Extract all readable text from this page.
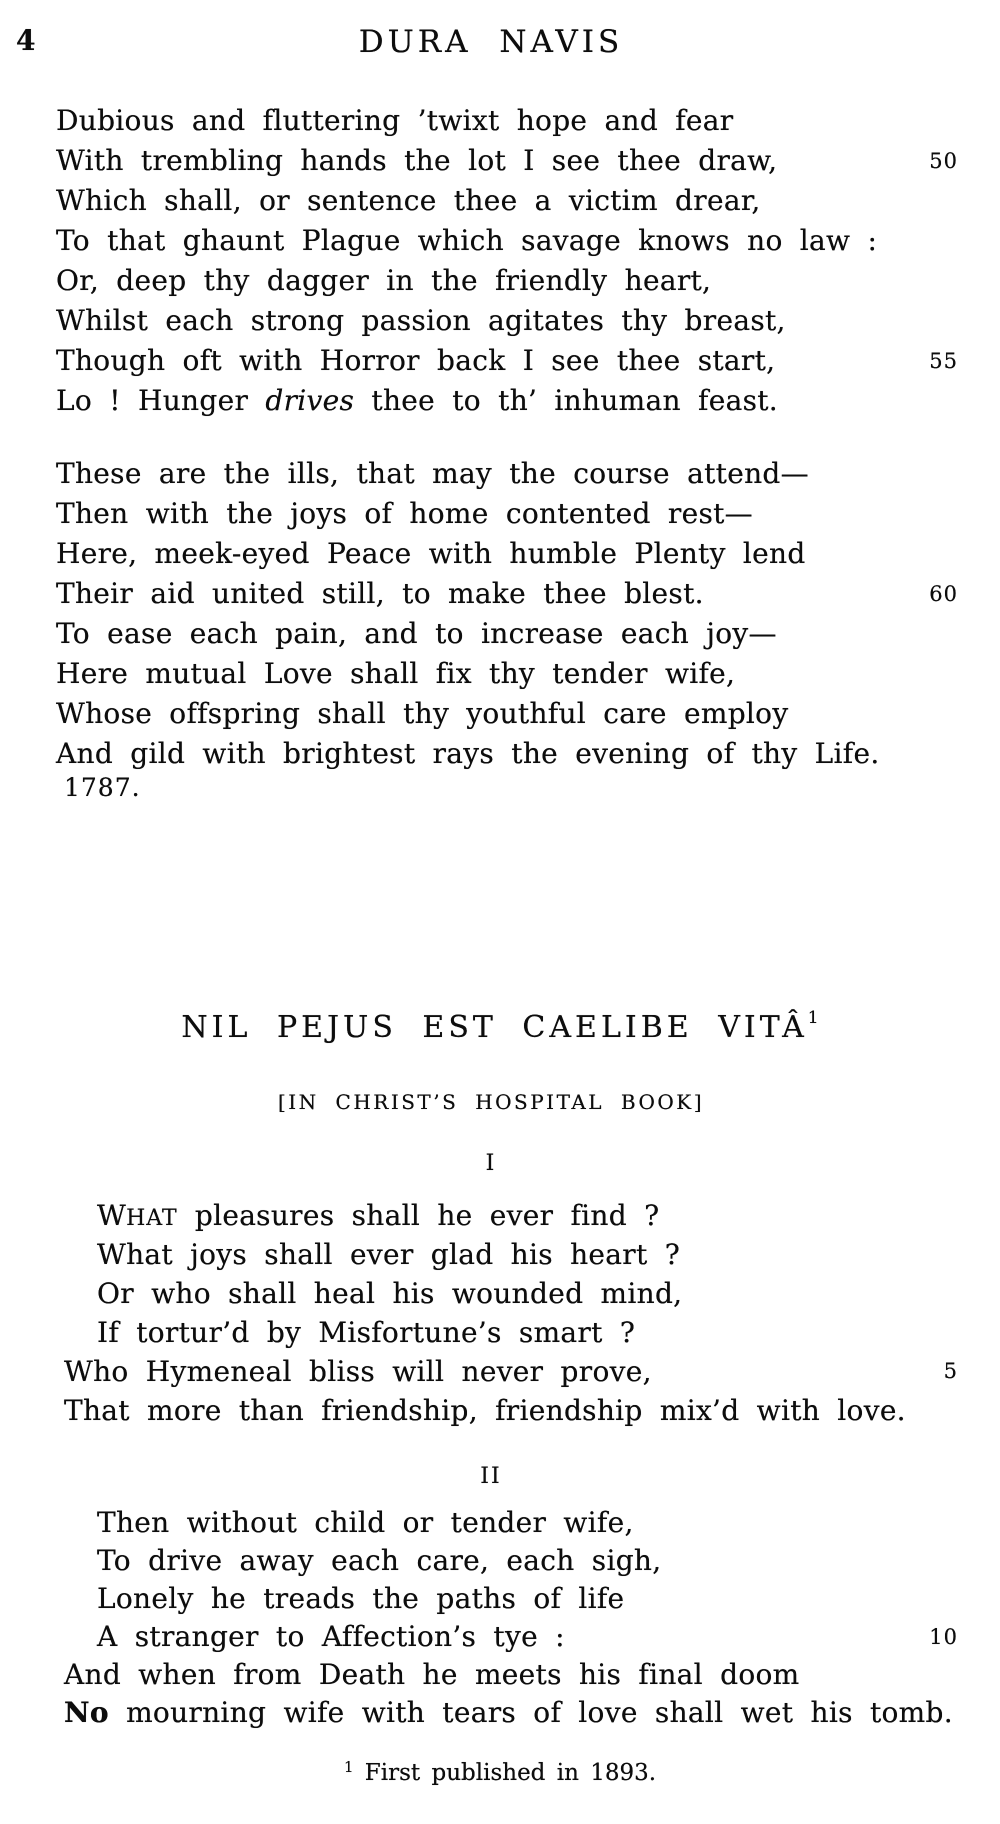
4	DURA NAVIS
Dubious and fluttering ’twixt hope and fear
With trembling hands the lot I see thee draw,	50
Which shall, or sentence thee a victim drear,
To that ghaunt Plague which savage knows no law :
Or, deep thy dagger in the friendly heart,
Whilst each strong passion agitates thy breast,
Though oft with Horror back I see thee start,	55
Lo ! Hunger drives thee to th’ inhuman feast.
These are the ills, that may the course attend—
Then with the joys of home contented rest—
Here, meek-eyed Peace with humble Plenty lend
Their aid united still, to make thee blest.	60
To ease each pain, and to increase each joy—
Here mutual Love shall fix thy tender wife,
Whose offspring shall thy youthful care employ
And gild with brightest rays the evening of thy Life.
1787.
NIL PEJUS EST CAELIBE VITÂ$^1$
[IN CHRIST’S HOSPITAL BOOK]
I
WHAT pleasures shall he ever find ?
What joys shall ever glad his heart ?
Or who shall heal his wounded mind,
If tortur’d by Misfortune’s smart ?
Who Hymeneal bliss will never prove,	5
That more than friendship, friendship mix’d with love.
II
Then without child or tender wife,
To drive away each care, each sigh,
Lonely he treads the paths of life
A stranger to Affection’s tye :	10
And when from Death he meets his final doom
No mourning wife with tears of love shall wet his tomb.
$^1$ First published in 1893.
